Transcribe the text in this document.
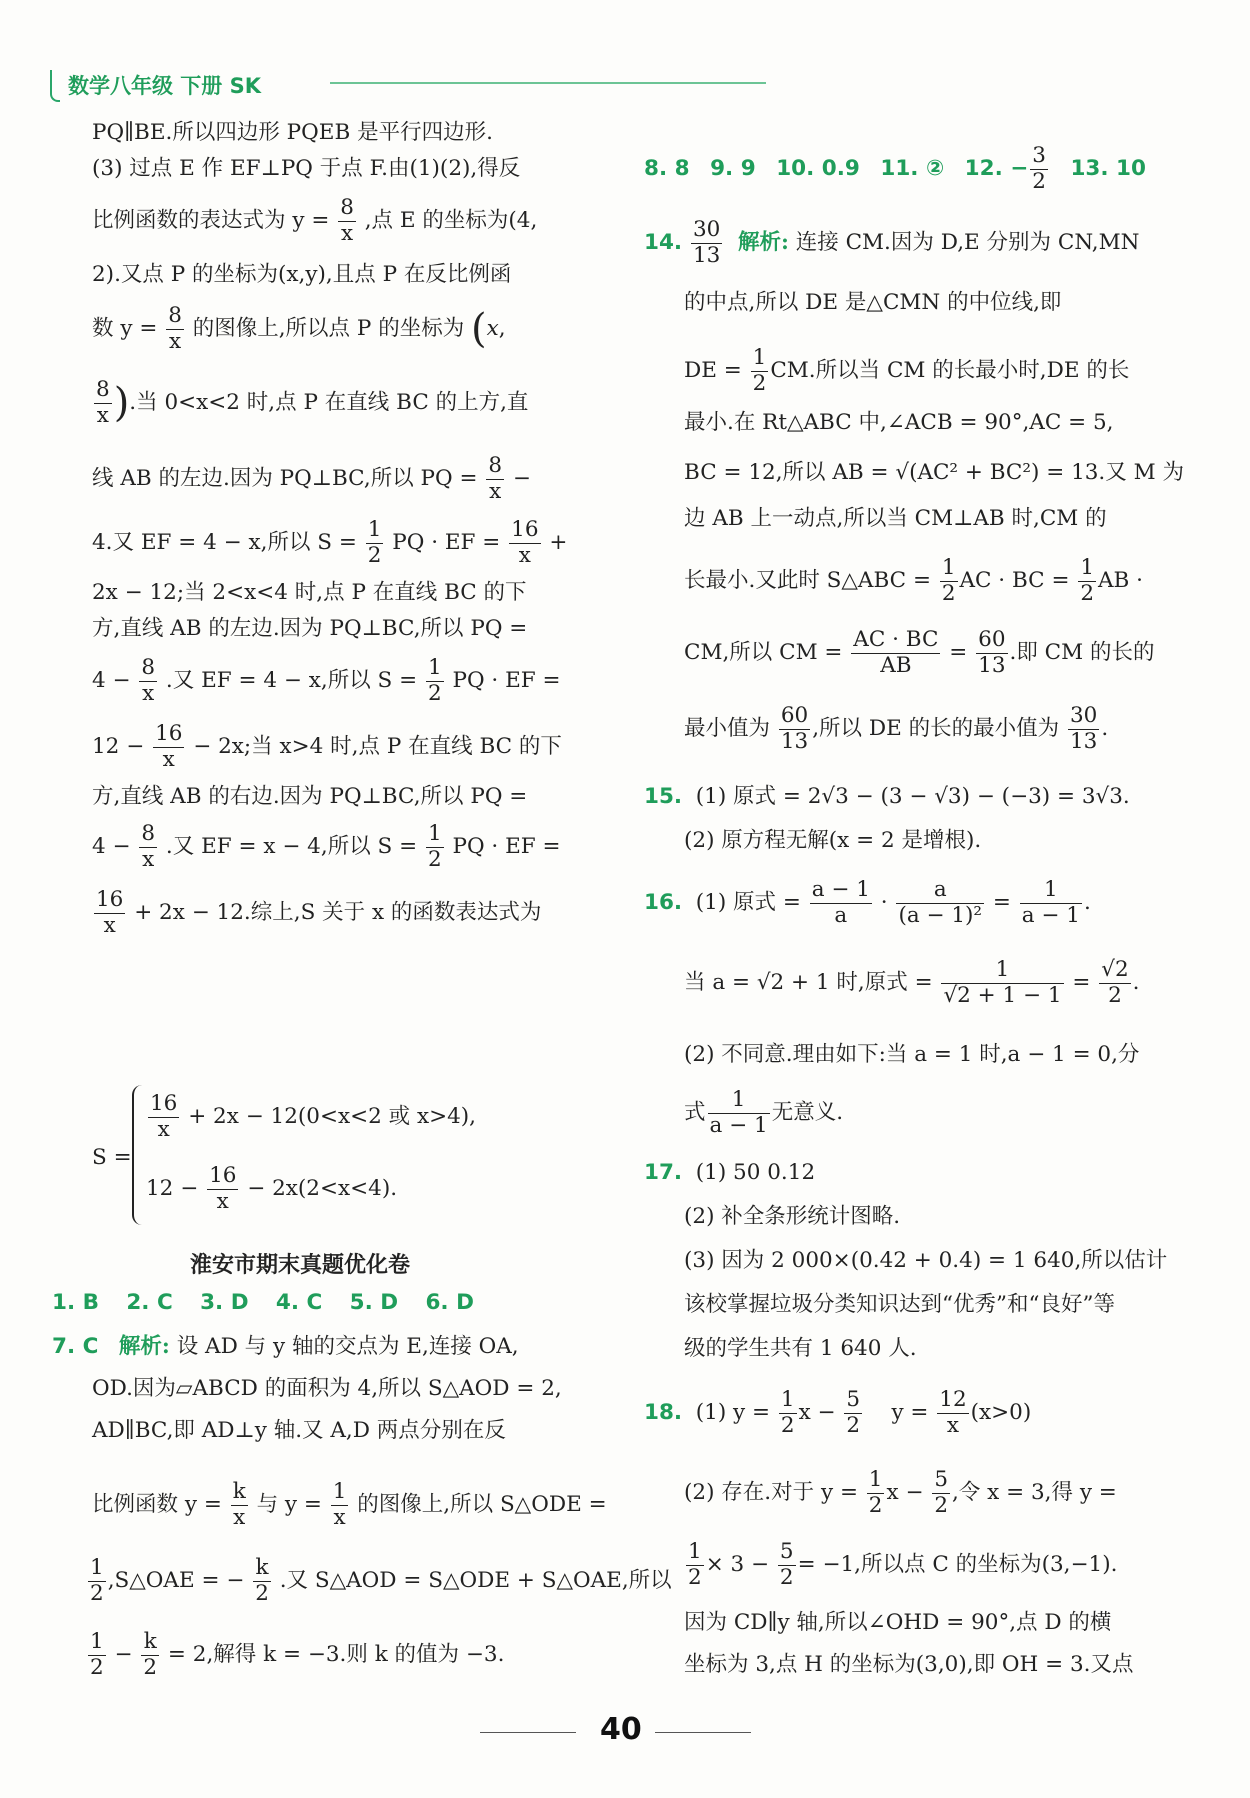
数学八年级 下册 SK
PQ∥BE.所以四边形 PQEB 是平行四边形.
(3) 过点 E 作 EF⊥PQ 于点 F.由(1)(2),得反
比例函数的表达式为 $y = \frac{8}{x}$ ,点 E 的坐标为(4,
2).又点 P 的坐标为(x,y),且点 P 在反比例函
数 $y = \frac{8}{x}$ 的图像上,所以点 P 的坐标为 (x,
$\frac{8}{x}$ ).当 0<x<2 时,点 P 在直线 BC 的上方,直
线 AB 的左边.因为 PQ⊥BC,所以 PQ = $\frac{8}{x}$ −
4.又 EF = 4 − x,所以 $S = \frac{1}{2}$ PQ · EF = $\frac{16}{x}$ +
2x − 12;当 2<x<4 时,点 P 在直线 BC 的下
方,直线 AB 的左边.因为 PQ⊥BC,所以 PQ =
$4 - \frac{8}{x}$ .又 EF = 4 − x,所以 $S = \frac{1}{2}$ PQ · EF =
$12 - \frac{16}{x} - 2x$;当 x>4 时,点 P 在直线 BC 的下
方,直线 AB 的右边.因为 PQ⊥BC,所以 PQ =
$4 - \frac{8}{x}$ .又 EF = x − 4,所以 $S = \frac{1}{2}$ PQ · EF =
$\frac{16}{x} + 2x - 12$.综上,S 关于 x 的函数表达式为
S =
$\frac{16}{x} + 2x - 12(0<x<2$ 或 x>4),
$12 - \frac{16}{x} - 2x(2<x<4)$.
淮安市期末真题优化卷
1. B 2. C 3. D 4. C 5. D 6. D
7. C 解析: 设 AD 与 y 轴的交点为 E,连接 OA,
OD.因为▱ABCD 的面积为 4,所以 S△AOD = 2,
AD∥BC,即 AD⊥y 轴.又 A,D 两点分别在反
比例函数 $y = \frac{k}{x}$ 与 $y = \frac{1}{x}$ 的图像上,所以 S△ODE =
$\frac{1}{2}$ ,S△OAE = − $\frac{k}{2}$ .又 S△AOD = S△ODE + S△OAE,所以
$\frac{1}{2} - \frac{k}{2} = 2$,解得 k = −3.则 k 的值为 −3.
8. 8 9. 9 10. 0.9 11. ② 12. − $\frac{3}{2} 13$. 10
14. $\frac{30}{13}$ 解析: 连接 CM.因为 D,E 分别为 CN,MN
的中点,所以 DE 是△CMN 的中位线,即
DE = $\frac{1}{2}$ CM.所以当 CM 的长最小时,DE 的长
最小.在 Rt△ABC 中,∠ACB = 90°,AC = 5,
BC = 12,所以 AB = √(AC² + BC²) = 13.又 M 为
边 AB 上一动点,所以当 CM⊥AB 时,CM 的
长最小.又此时 S△ABC = $\frac{1}{2}$ AC · BC = $\frac{1}{2}$ AB ·
CM,所以 CM = $\frac{AC \cdot BC}{AB} = \frac{60}{13}$ .即 CM 的长的
最小值为 $\frac{60}{13}$ ,所以 DE 的长的最小值为 $\frac{30}{13}$ .
15. (1) 原式 = 2√3 − (3 − √3) − (−3) = 3√3.
(2) 原方程无解(x = 2 是增根).
16. (1) 原式 = $\frac{a - 1}{a} \cdot \frac{a}{\text{(a − 1)²}} = \frac{1}{a - 1}$ .
当 a = √2 + 1 时,原式 = $\frac{1}{√2 + 1 - 1} = \frac{√2}{2}$ .
(2) 不同意.理由如下:当 a = 1 时,a − 1 = 0,分
式 $\frac{1}{a - 1}$ 无意义.
17. (1) 50 0.12
(2) 补全条形统计图略.
(3) 因为 2 000×(0.42 + 0.4) = 1 640,所以估计
该校掌握垃圾分类知识达到“优秀”和“良好”等
级的学生共有 1 640 人.
18. (1) $y = \frac{1}{2}$ $x - \frac{5}{2}$ $y = \frac{12}{x} (x>0)$
(2) 存在.对于 $y = \frac{1}{2}$ $x - \frac{5}{2}$ ,令 x = 3,得 y =
$\frac{1}{2} \times 3 - \frac{5}{2} = -1$,所以点 C 的坐标为(3,−1).
因为 CD∥y 轴,所以∠OHD = 90°,点 D 的横
坐标为 3,点 H 的坐标为(3,0),即 OH = 3.又点
40
